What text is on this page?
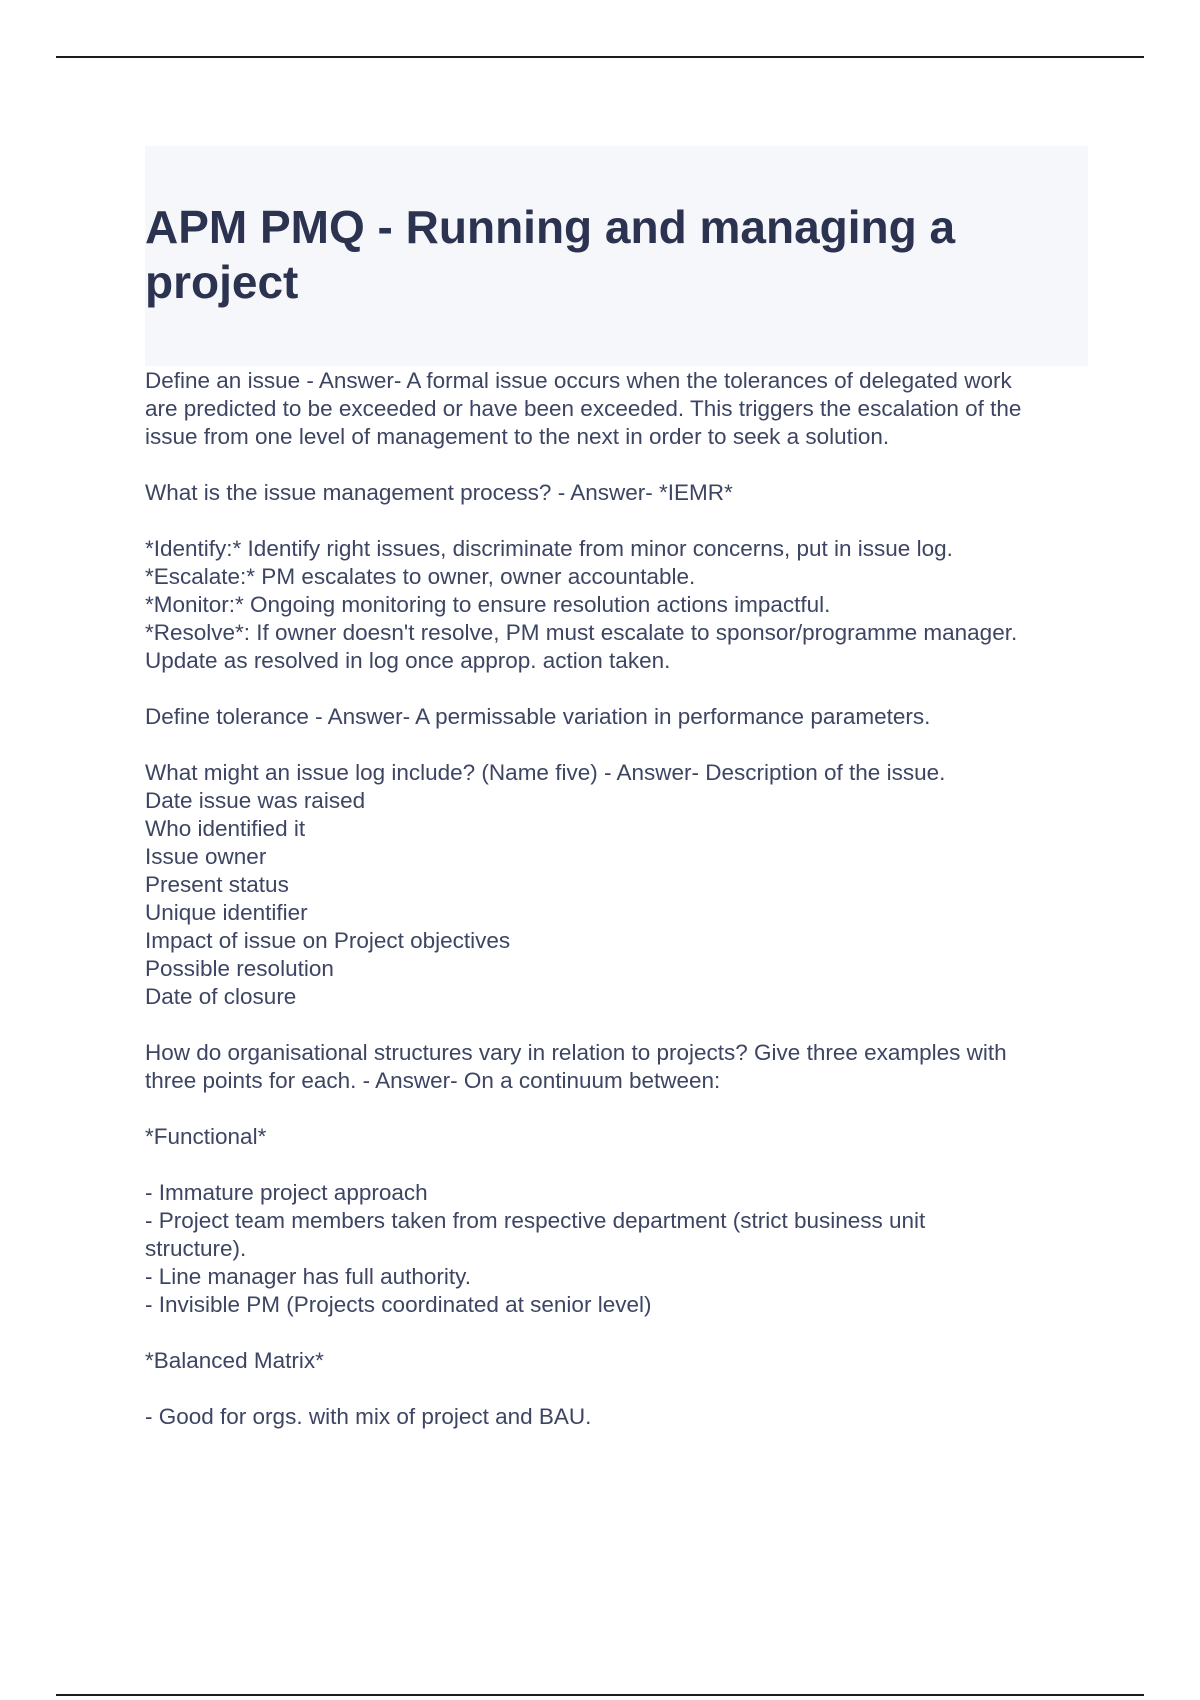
APM PMQ - Running and managing a
project

Define an issue - Answer- A formal issue occurs when the tolerances of delegated work
are predicted to be exceeded or have been exceeded. This triggers the escalation of the
issue from one level of management to the next in order to seek a solution.

What is the issue management process? - Answer- *IEMR*

*Identify:* Identify right issues, discriminate from minor concerns, put in issue log.
*Escalate:* PM escalates to owner, owner accountable.
*Monitor:* Ongoing monitoring to ensure resolution actions impactful.
*Resolve*: If owner doesn't resolve, PM must escalate to sponsor/programme manager.
Update as resolved in log once approp. action taken.

Define tolerance - Answer- A permissable variation in performance parameters.

What might an issue log include? (Name five) - Answer- Description of the issue.
Date issue was raised
Who identified it
Issue owner
Present status
Unique identifier
Impact of issue on Project objectives
Possible resolution
Date of closure

How do organisational structures vary in relation to projects? Give three examples with
three points for each. - Answer- On a continuum between:

*Functional*

- Immature project approach
- Project team members taken from respective department (strict business unit
structure).
- Line manager has full authority.
- Invisible PM (Projects coordinated at senior level)

*Balanced Matrix*

- Good for orgs. with mix of project and BAU.
